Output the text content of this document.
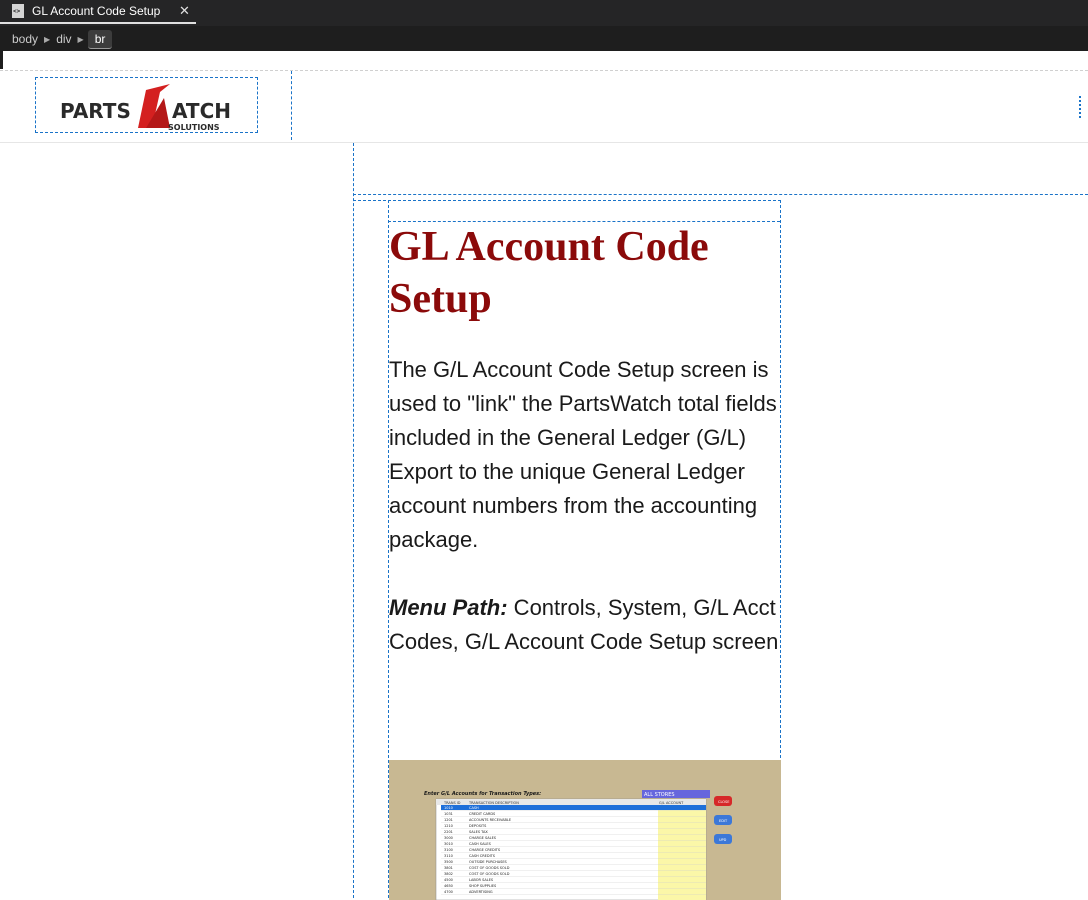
<>
GL Account Code Setup ✕
body ▶ div ▶ br
PARTS ATCH
SOLUTIONS
GL Account Code Setup

The G/L Account Code Setup screen is used to "link" the PartsWatch total fields included in the General Ledger (G/L) Export to the unique General Ledger account numbers from the accounting package.

Menu Path: Controls, System, G/L Acct Codes, G/L Account Code Setup screen

Enter G/L Accounts for Transaction Types:	ALL STORES
TRANS ID TRANSACTION DESCRIPTION	G/L ACCOUNT
1010	CASH
1031	CREDIT CARDS
1201	ACCOUNTS RECEIVABLE
1210	DEPOSITS
2201	SALES TAX
3000	CHARGE SALES
3010	CASH SALES
3100	CHARGE CREDITS
3110	CASH CREDITS
3500	OUTSIDE PURCHASES
3801	COST OF GOODS SOLD
3802	COST OF GOODS SOLD
4500	LABOR SALES
4650	SHOP SUPPLIES
4700	ADVERTISING
CLOSE
EDIT
UPD
